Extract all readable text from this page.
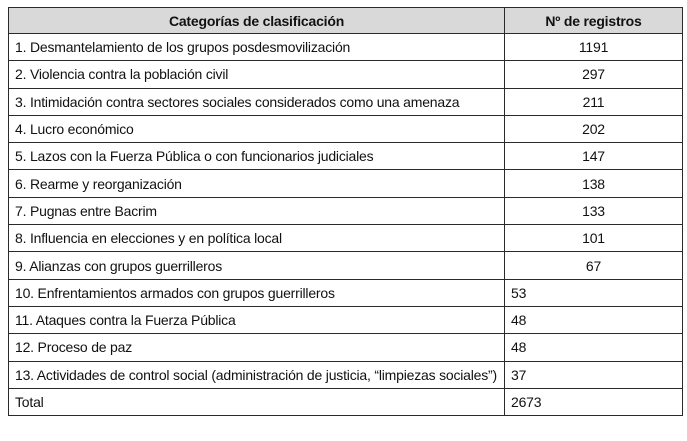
Categorías de clasificación	Nº de registros
1. Desmantelamiento de los grupos posdesmovilización	1191
2. Violencia contra la población civil	297
3. Intimidación contra sectores sociales considerados como una amenaza	211
4. Lucro económico	202
5. Lazos con la Fuerza Pública o con funcionarios judiciales	147
6. Rearme y reorganización	138
7. Pugnas entre Bacrim	133
8. Influencia en elecciones y en política local	101
9. Alianzas con grupos guerrilleros	67
10. Enfrentamientos armados con grupos guerrilleros	53
11. Ataques contra la Fuerza Pública	48
12. Proceso de paz	48
13. Actividades de control social (administración de justicia, “limpiezas sociales”)	37
Total	2673
